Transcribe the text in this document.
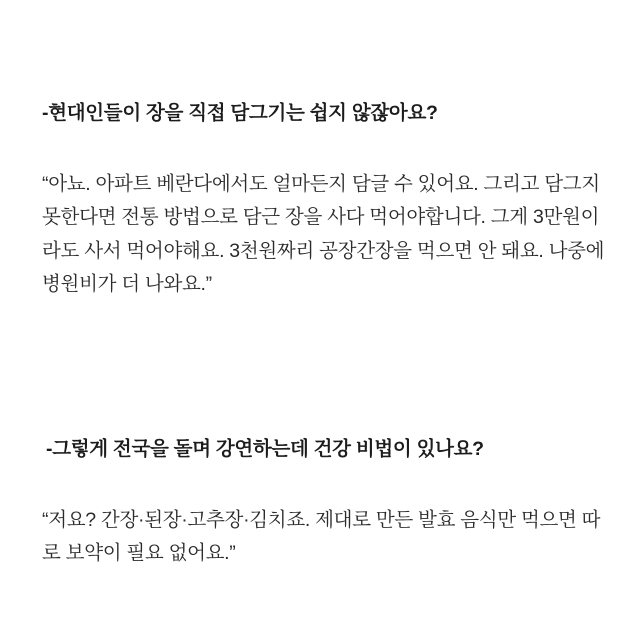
-현대인들이 장을 직접 담그기는 쉽지 않잖아요?

“아뇨. 아파트 베란다에서도 얼마든지 담글 수 있어요. 그리고 담그지 못한다면 전통 방법으로 담근 장을 사다 먹어야합니다. 그게 3만원이라도 사서 먹어야해요. 3천원짜리 공장간장을 먹으면 안 돼요. 나중에 병원비가 더 나와요.”

-그렇게 전국을 돌며 강연하는데 건강 비법이 있나요?

“저요? 간장·된장·고추장·김치죠. 제대로 만든 발효 음식만 먹으면 따로 보약이 필요 없어요.”
